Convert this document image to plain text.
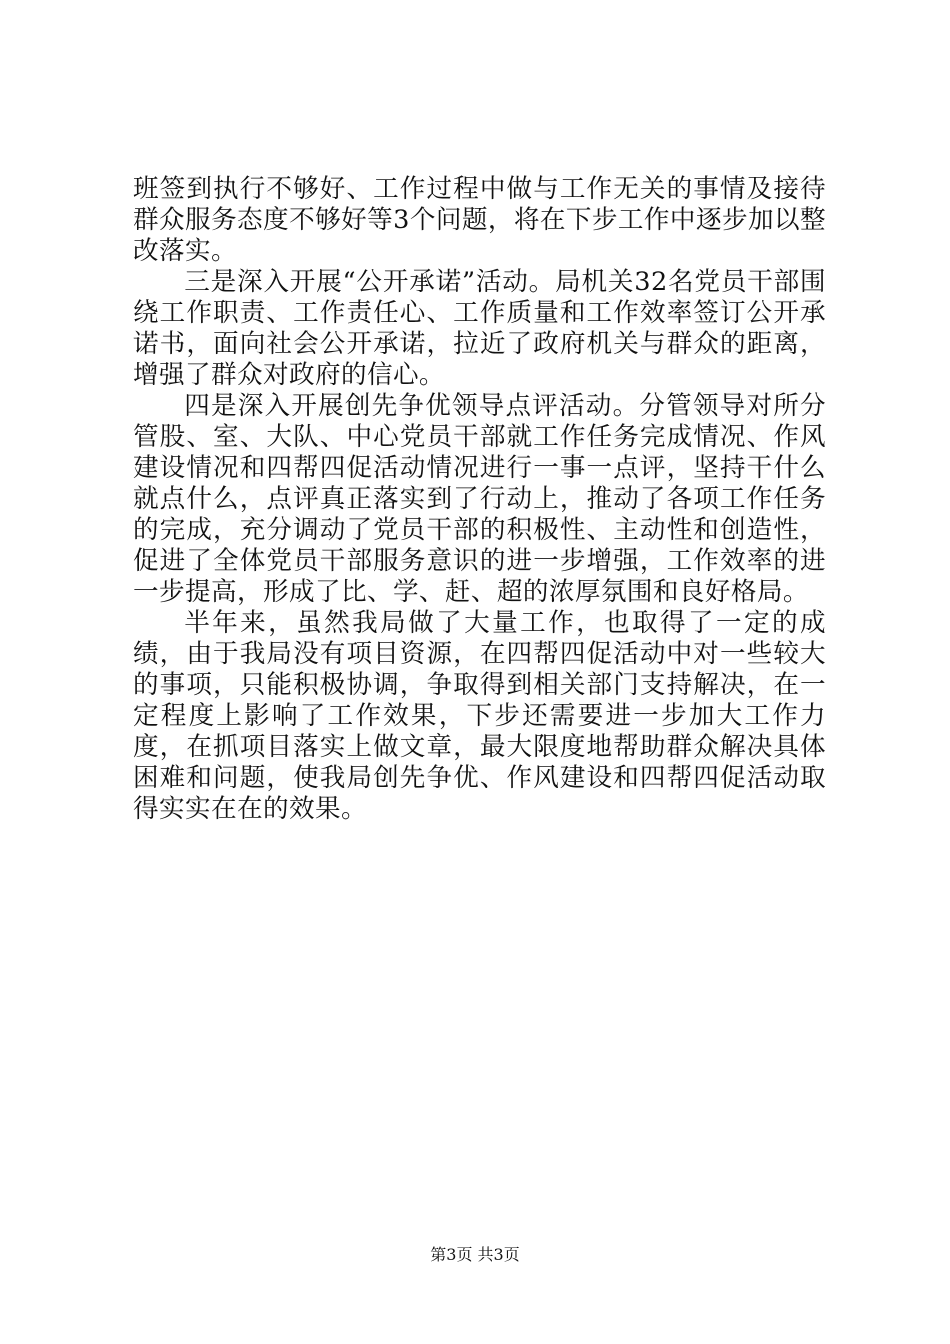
班签到执行不够好、工作过程中做与工作无关的事情及接待群众服务态度不够好等3个问题，将在下步工作中逐步加以整改落实。

三是深入开展“公开承诺”活动。局机关32名党员干部围绕工作职责、工作责任心、工作质量和工作效率签订公开承诺书，面向社会公开承诺，拉近了政府机关与群众的距离，增强了群众对政府的信心。

四是深入开展创先争优领导点评活动。分管领导对所分管股、室、大队、中心党员干部就工作任务完成情况、作风建设情况和四帮四促活动情况进行一事一点评，坚持干什么就点什么，点评真正落实到了行动上，推动了各项工作任务的完成，充分调动了党员干部的积极性、主动性和创造性，促进了全体党员干部服务意识的进一步增强，工作效率的进一步提高，形成了比、学、赶、超的浓厚氛围和良好格局。

半年来，虽然我局做了大量工作，也取得了一定的成绩，由于我局没有项目资源，在四帮四促活动中对一些较大的事项，只能积极协调，争取得到相关部门支持解决，在一定程度上影响了工作效果，下步还需要进一步加大工作力度，在抓项目落实上做文章，最大限度地帮助群众解决具体困难和问题，使我局创先争优、作风建设和四帮四促活动取得实实在在的效果。

第3页 共3页
